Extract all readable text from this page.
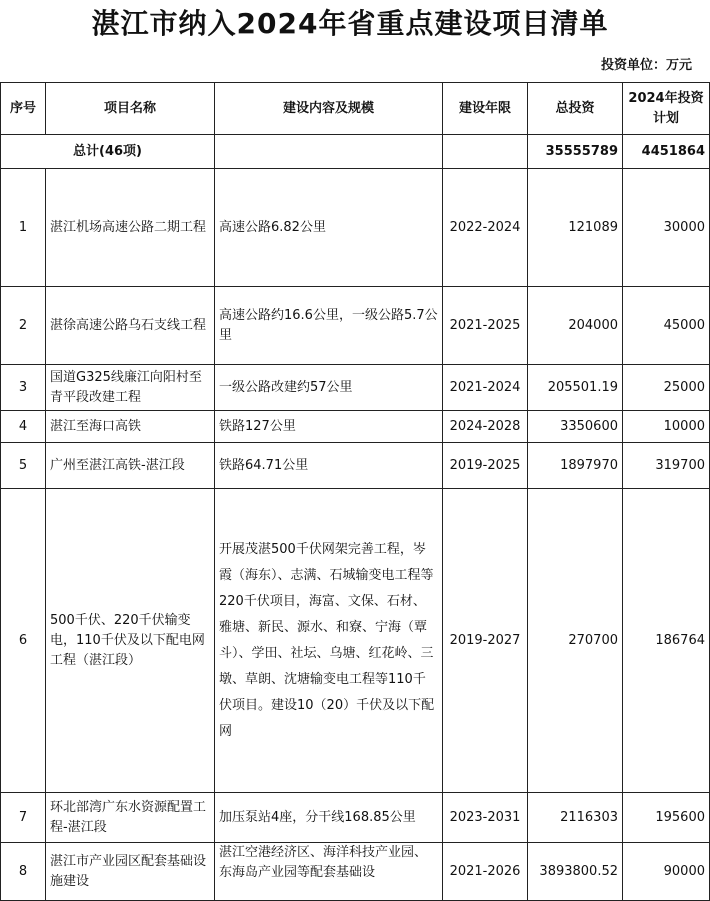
湛江市纳入2024年省重点建设项目清单
投资单位：万元
序号	项目名称	建设内容及规模	建设年限	总投资	2024年投资计划
总计(46项)				35555789	4451864
1	湛江机场高速公路二期工程	高速公路6.82公里	2022-2024	121089	30000
2	湛徐高速公路乌石支线工程	高速公路约16.6公里，一级公路5.7公里	2021-2025	204000	45000
3	国道G325线廉江向阳村至青平段改建工程	一级公路改建约57公里	2021-2024	205501.19	25000
4	湛江至海口高铁	铁路127公里	2024-2028	3350600	10000
5	广州至湛江高铁-湛江段	铁路64.71公里	2019-2025	1897970	319700
6	500千伏、220千伏输变电，110千伏及以下配电网工程（湛江段）	开展茂湛500千伏网架完善工程，岑霞（海东）、志满、石城输变电工程等220千伏项目，海富、文保、石材、雅塘、新民、源水、和寮、宁海（覃斗）、学田、社坛、乌塘、红花岭、三墩、草朗、沈塘输变电工程等110千伏项目。建设10（20）千伏及以下配网	2019-2027	270700	186764
7	环北部湾广东水资源配置工程-湛江段	加压泵站4座，分干线168.85公里	2023-2031	2116303	195600
8	湛江市产业园区配套基础设施建设	湛江空港经济区、海洋科技产业园、东海岛产业园等配套基础设	2021-2026	3893800.52	90000
